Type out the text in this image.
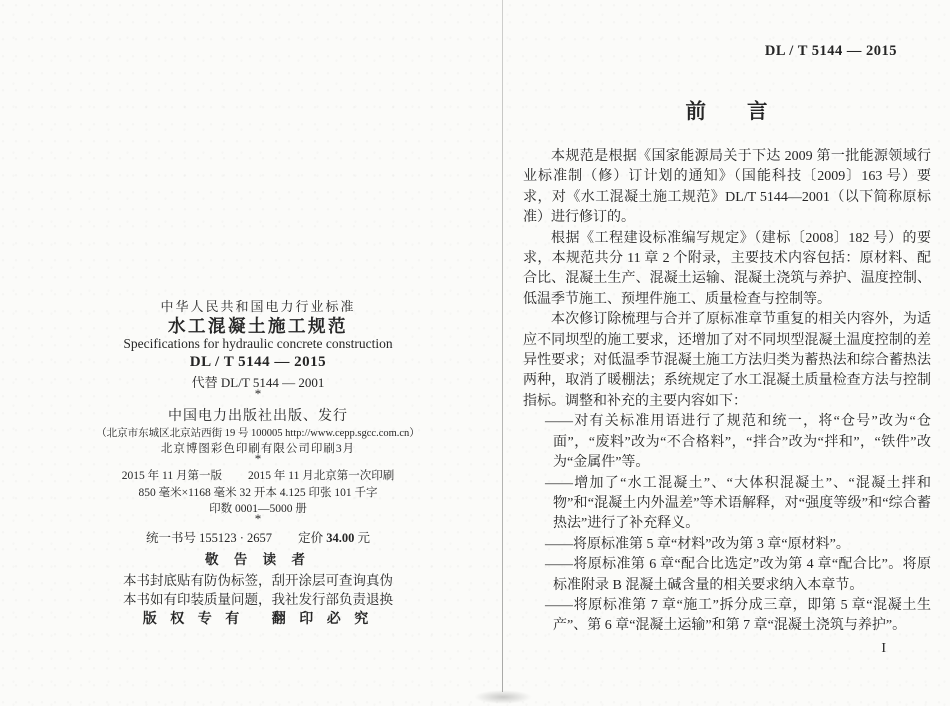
中华人民共和国电力行业标准
水工混凝土施工规范
Specifications for hydraulic concrete construction
DL / T 5144 — 2015
代替 DL/T 5144 — 2001
*
中国电力出版社出版、发行
（北京市东城区北京站西街 19 号 100005 http://www.cepp.sgcc.com.cn）
北京博图彩色印刷有限公司印刷3月
*
2015 年 11 月第一版 2015 年 11 月北京第一次印刷
850 毫米×1168 毫米 32 开本 4.125 印张 101 千字
印数 0001—5000 册
*
统一书号 155123 · 2657 定价 34.00 元
敬 告 读 者
本书封底贴有防伪标签，刮开涂层可查询真伪
本书如有印装质量问题，我社发行部负责退换
版 权 专 有　 翻 印 必 究
DL / T 5144 — 2015
前　　言

本规范是根据《国家能源局关于下达 2009 第一批能源领域行业标准制（修）订计划的通知》（国能科技〔2009〕163 号）要求，对《水工混凝土施工规范》DL/T 5144—2001（以下简称原标准）进行修订的。

根据《工程建设标准编写规定》（建标〔2008〕182 号）的要求，本规范共分 11 章 2 个附录，主要技术内容包括：原材料、配合比、混凝土生产、混凝土运输、混凝土浇筑与养护、温度控制、低温季节施工、预埋件施工、质量检查与控制等。

本次修订除梳理与合并了原标准章节重复的相关内容外，为适应不同坝型的施工要求，还增加了对不同坝型混凝土温度控制的差异性要求；对低温季节混凝土施工方法归类为蓄热法和综合蓄热法两种，取消了暖棚法；系统规定了水工混凝土质量检查方法与控制指标。调整和补充的主要内容如下：

——对有关标准用语进行了规范和统一，将“仓号”改为“仓面”，“废料”改为“不合格料”，“拌合”改为“拌和”，“铁件”改为“金属件”等。
——增加了“水工混凝土”、“大体积混凝土”、“混凝土拌和物”和“混凝土内外温差”等术语解释，对“强度等级”和“综合蓄热法”进行了补充释义。
——将原标准第 5 章“材料”改为第 3 章“原材料”。
——将原标准第 6 章“配合比选定”改为第 4 章“配合比”。将原标准附录 B 混凝土碱含量的相关要求纳入本章节。
——将原标准第 7 章“施工”拆分成三章，即第 5 章“混凝土生产”、第 6 章“混凝土运输”和第 7 章“混凝土浇筑与养护”。
I
